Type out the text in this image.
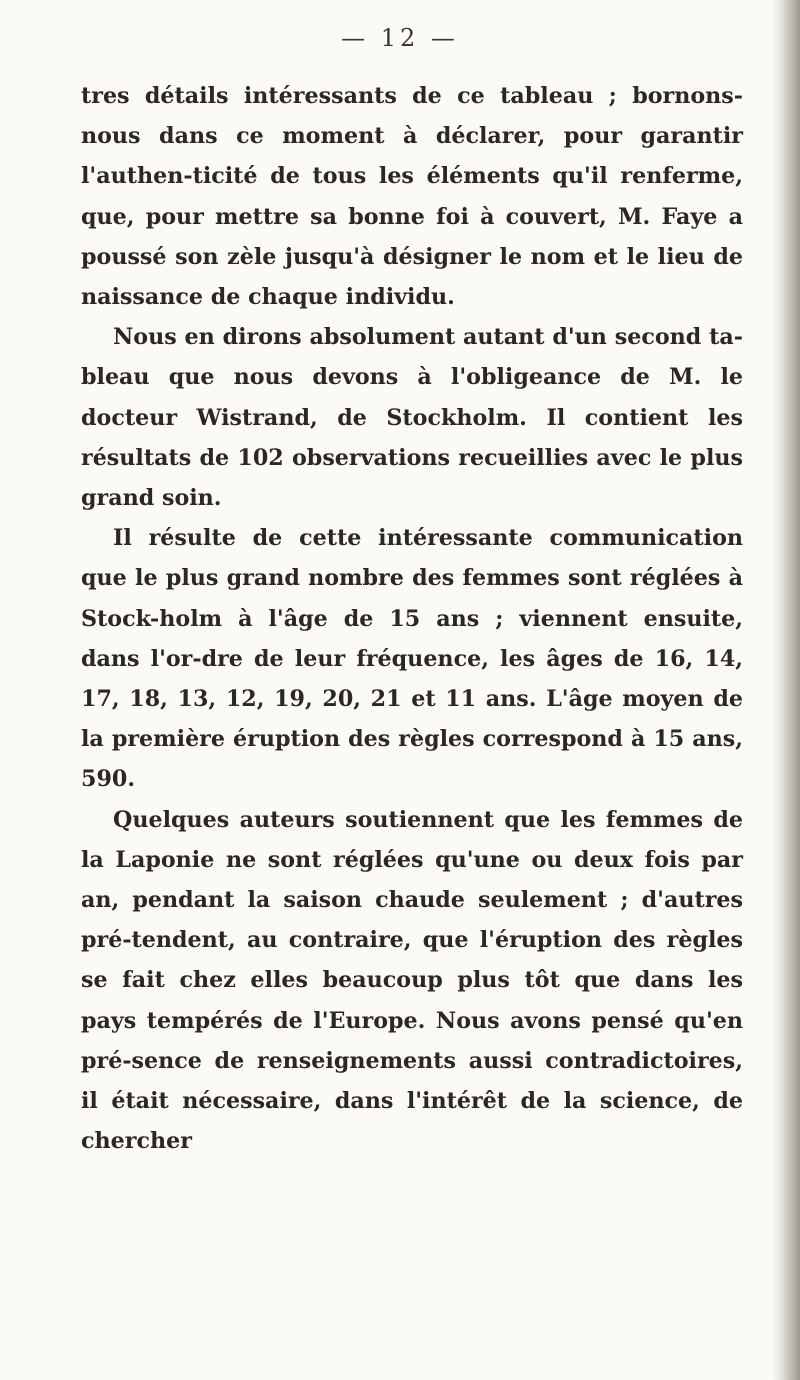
— 12 —

tres détails intéressants de ce tableau ; bornons-nous dans ce moment à déclarer, pour garantir l'authen-ticité de tous les éléments qu'il renferme, que, pour mettre sa bonne foi à couvert, M. Faye a poussé son zèle jusqu'à désigner le nom et le lieu de naissance de chaque individu.

Nous en dirons absolument autant d'un second ta-bleau que nous devons à l'obligeance de M. le docteur Wistrand, de Stockholm. Il contient les résultats de 102 observations recueillies avec le plus grand soin.

Il résulte de cette intéressante communication que le plus grand nombre des femmes sont réglées à Stock-holm à l'âge de 15 ans ; viennent ensuite, dans l'or-dre de leur fréquence, les âges de 16, 14, 17, 18, 13, 12, 19, 20, 21 et 11 ans. L'âge moyen de la première éruption des règles correspond à 15 ans, 590.

Quelques auteurs soutiennent que les femmes de la Laponie ne sont réglées qu'une ou deux fois par an, pendant la saison chaude seulement ; d'autres pré-tendent, au contraire, que l'éruption des règles se fait chez elles beaucoup plus tôt que dans les pays tempérés de l'Europe. Nous avons pensé qu'en pré-sence de renseignements aussi contradictoires, il était nécessaire, dans l'intérêt de la science, de chercher
